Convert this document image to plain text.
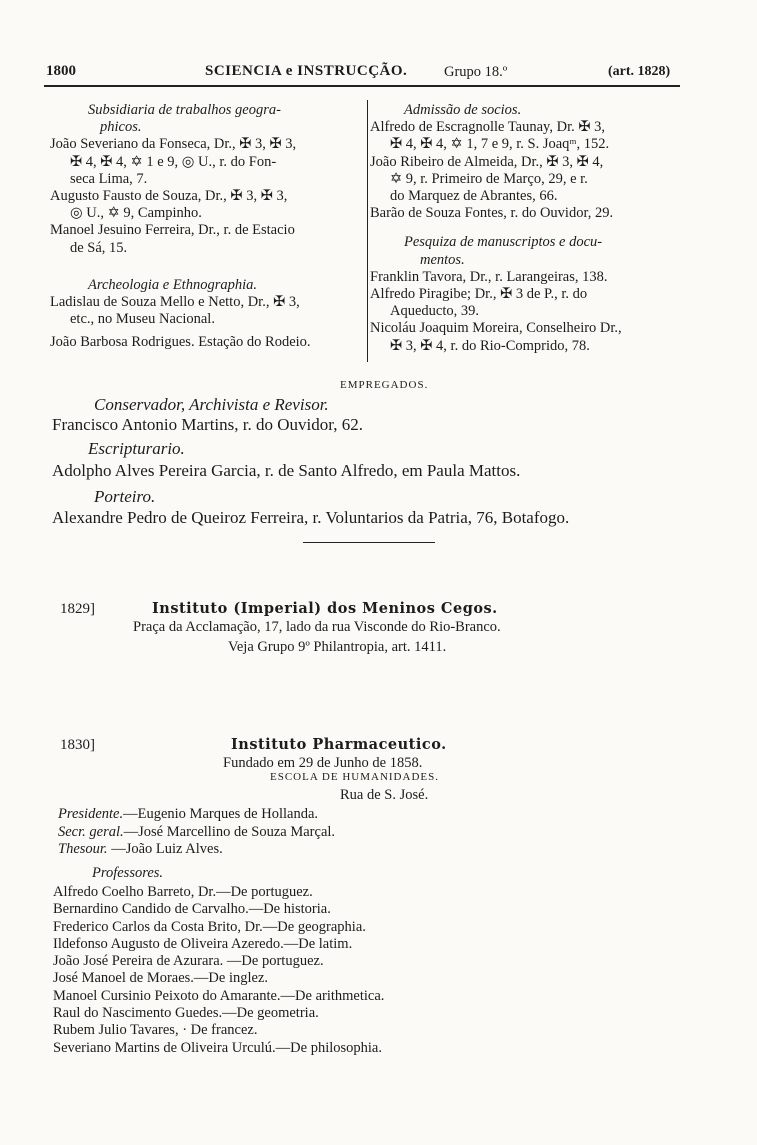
1800	SCIENCIA e INSTRUCÇÃO.	Grupo 18.º	(art. 1828)
Subsidiaria de trabalhos geogra-
phicos.
João Severiano da Fonseca, Dr., ✠ 3, ✠ 3,
✠ 4, ✠ 4, ✡ 1 e 9, ◎ U., r. do Fon-
seca Lima, 7.
Augusto Fausto de Souza, Dr., ✠ 3, ✠ 3,
◎ U., ✡ 9, Campinho.
Manoel Jesuino Ferreira, Dr., r. de Estacio
de Sá, 15.
Archeologia e Ethnographia.
Ladislau de Souza Mello e Netto, Dr., ✠ 3,
etc., no Museu Nacional.
João Barbosa Rodrigues. Estação do Rodeio.
Admissão de socios.
Alfredo de Escragnolle Taunay, Dr. ✠ 3,
✠ 4, ✠ 4, ✡ 1, 7 e 9, r. S. Joaqᵐ, 152.
João Ribeiro de Almeida, Dr., ✠ 3, ✠ 4,
✡ 9, r. Primeiro de Março, 29, e r.
do Marquez de Abrantes, 66.
Barão de Souza Fontes, r. do Ouvidor, 29.
Pesquiza de manuscriptos e docu-
mentos.
Franklin Tavora, Dr., r. Larangeiras, 138.
Alfredo Piragibe; Dr., ✠ 3 de P., r. do
Aqueducto, 39.
Nicoláu Joaquim Moreira, Conselheiro Dr.,
✠ 3, ✠ 4, r. do Rio-Comprido, 78.
EMPREGADOS.
Conservador, Archivista e Revisor.
Francisco Antonio Martins, r. do Ouvidor, 62.
Escripturario.
Adolpho Alves Pereira Garcia, r. de Santo Alfredo, em Paula Mattos.
Porteiro.
Alexandre Pedro de Queiroz Ferreira, r. Voluntarios da Patria, 76, Botafogo.
1829]	Instituto (Imperial) dos Meninos Cegos.
Praça da Acclamação, 17, lado da rua Visconde do Rio-Branco.
Veja Grupo 9º Philantropia, art. 1411.
1830]	Instituto Pharmaceutico.
Fundado em 29 de Junho de 1858.
ESCOLA DE HUMANIDADES.
Rua de S. José.
Presidente.—Eugenio Marques de Hollanda.
Secr. geral.—José Marcellino de Souza Marçal.
Thesour. —João Luiz Alves.
Professores.
Alfredo Coelho Barreto, Dr.—De portuguez.
Bernardino Candido de Carvalho.—De historia.
Frederico Carlos da Costa Brito, Dr.—De geographia.
Ildefonso Augusto de Oliveira Azeredo.—De latim.
João José Pereira de Azurara. —De portuguez.
José Manoel de Moraes.—De inglez.
Manoel Cursinio Peixoto do Amarante.—De arithmetica.
Raul do Nascimento Guedes.—De geometria.
Rubem Julio Tavares, · De francez.
Severiano Martins de Oliveira Urculú.—De philosophia.
